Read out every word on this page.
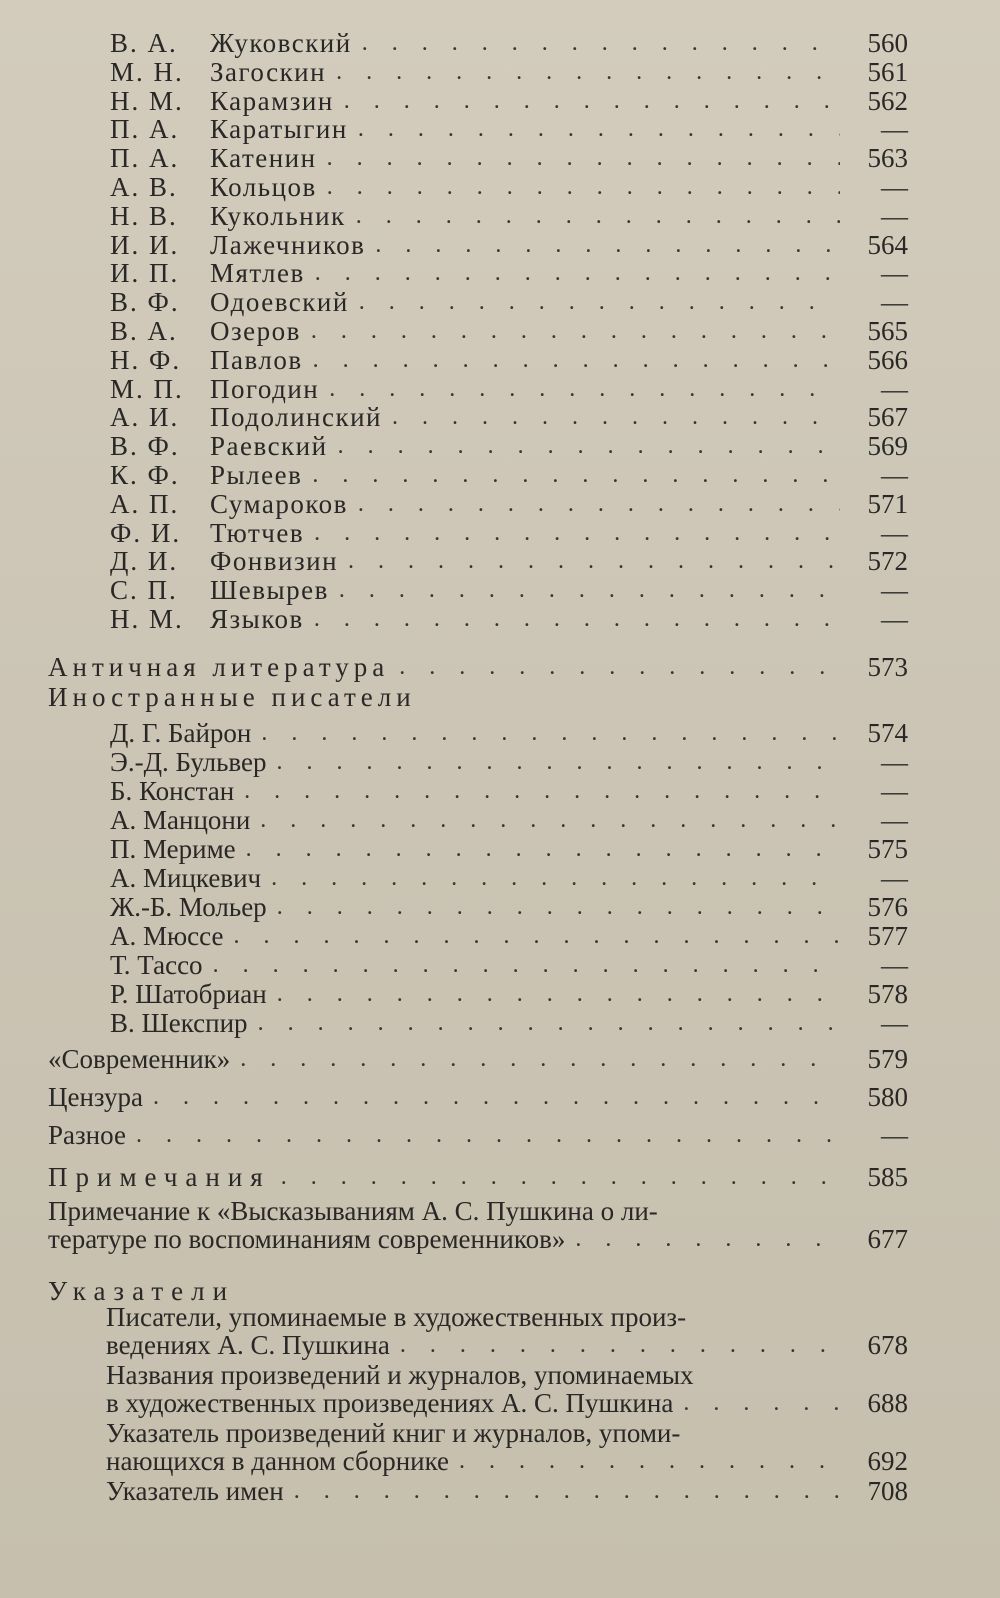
В. А.	Жуковский . . .	560
М. Н. Загоскин . . .	561
Н. М. Карамзин . . .	562
П. А.	Каратыгин . . .	—
П. А.	Катенин . . .	563
А. В.	Кольцов . . .	—
Н. В.	Кукольник . . .	—
И. И.	Лажечников . . .	564
И. П.	Мятлев . . .	—
В. Ф.	Одоевский . . .	—
В. А.	Озеров . . .	565
Н. Ф.	Павлов . . .	566
М. П. Погодин . . .	—
А. И.	Подолинский . . .	567
В. Ф.	Раевский . . .	569
К. Ф.	Рылеев . . .	—
А. П.	Сумароков . . .	571
Ф. И.	Тютчев . . .	—
Д. И.	Фонвизин . . .	572
С. П.	Шевырев . . .	—
Н. М. Языков . . .	—
Античная литература . . .	573
Иностранные писатели
Д. Г. Байрон . . .	574
Э.-Д. Бульвер . . .	—
Б. Констан . . .	—
А. Манцони . . .	—
П. Мериме . . .	575
А. Мицкевич . . .	—
Ж.-Б. Мольер . . .	576
А. Мюссе . . .	577
Т. Тассо . . .	—
Р. Шатобриан . . .	578
В. Шекспир . . .	—
«Современник» . . .	579
Цензура . . .	580
Разное . . .	—
Примечания . . .	585
Примечание к «Высказываниям А. С. Пушкина о ли-
тературе по воспоминаниям современников» . . .	677
Указатели
Писатели, упоминаемые в художественных произ-
ведениях А. С. Пушкина . . .	678
Названия произведений и журналов, упоминаемых
в художественных произведениях А. С. Пушкина . . .	688
Указатель произведений книг и журналов, упоми-
нающихся в данном сборнике . . .	692
Указатель имен . . .	708
